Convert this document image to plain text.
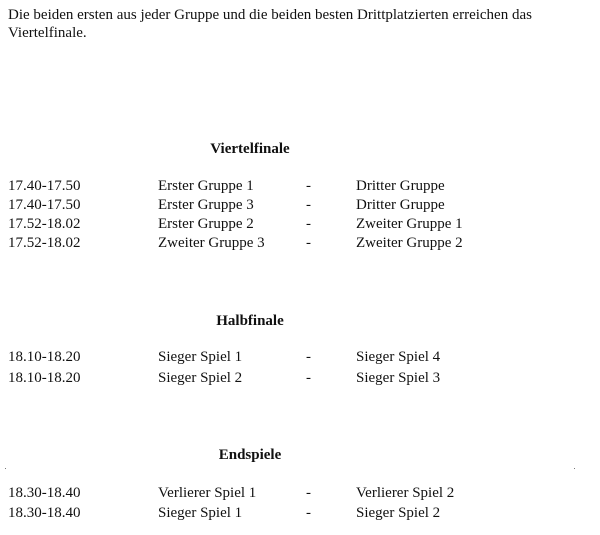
Die beiden ersten aus jeder Gruppe und die beiden besten Drittplatzierten erreichen das Viertelfinale.

Viertelfinale
17.40-17.50	Erster Gruppe 1	-	Dritter Gruppe
17.40-17.50	Erster Gruppe 3	-	Dritter Gruppe
17.52-18.02	Erster Gruppe 2	-	Zweiter Gruppe 1
17.52-18.02	Zweiter Gruppe 3	-	Zweiter Gruppe 2
Halbfinale
18.10-18.20	Sieger Spiel 1	-	Sieger Spiel 4
18.10-18.20	Sieger Spiel 2	-	Sieger Spiel 3
Endspiele
18.30-18.40	Verlierer Spiel 1	-	Verlierer Spiel 2
18.30-18.40	Sieger Spiel 1	-	Sieger Spiel 2
